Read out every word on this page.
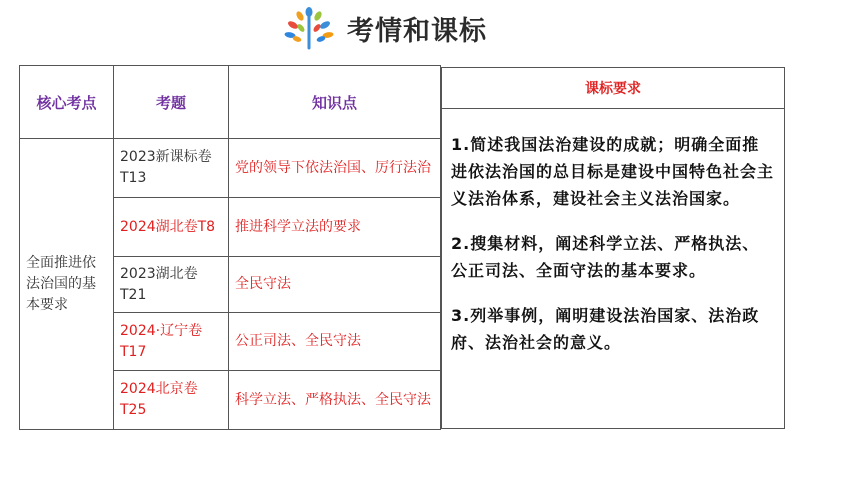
考情和课标
核心考点	考题	知识点
全面推进依法治国的基本要求	2023新课标卷T13	党的领导下依法治国、厉行法治
	2024湖北卷T8	推进科学立法的要求
	2023湖北卷T21	全民守法
	2024·辽宁卷T17	公正司法、全民守法
	2024北京卷T25	科学立法、严格执法、全民守法
课标要求

1.简述我国法治建设的成就；明确全面推进依法治国的总目标是建设中国特色社会主义法治体系，建设社会主义法治国家。

2.搜集材料，阐述科学立法、严格执法、公正司法、全面守法的基本要求。

3.列举事例，阐明建设法治国家、法治政府、法治社会的意义。
